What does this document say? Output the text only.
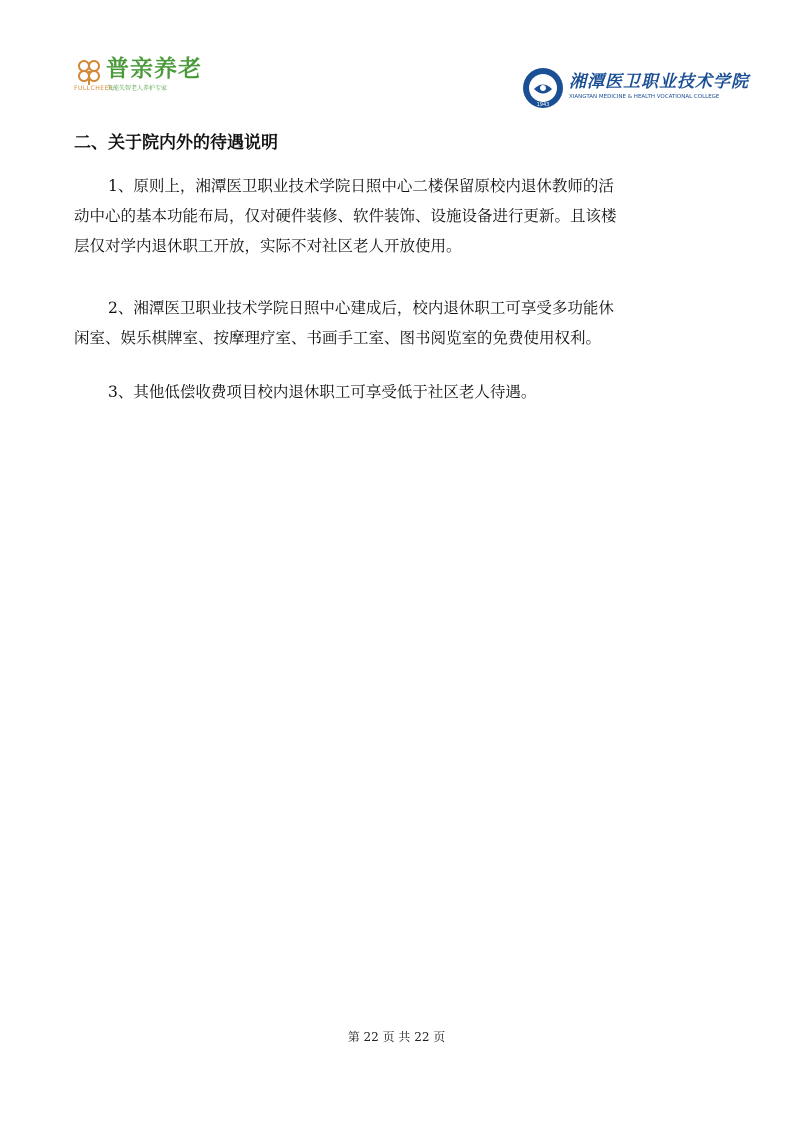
普亲养老
FULLCHEER
失能失智老人养护专家
1943
湘潭医卫职业技术学院
XIANGTAN MEDICINE & HEALTH VOCATIONAL COLLEGE
二、关于院内外的待遇说明

1、原则上，湘潭医卫职业技术学院日照中心二楼保留原校内退休教师的活
动中心的基本功能布局，仅对硬件装修、软件装饰、设施设备进行更新。且该楼
层仅对学内退休职工开放，实际不对社区老人开放使用。

2、湘潭医卫职业技术学院日照中心建成后，校内退休职工可享受多功能休
闲室、娱乐棋牌室、按摩理疗室、书画手工室、图书阅览室的免费使用权利。

3、其他低偿收费项目校内退休职工可享受低于社区老人待遇。

第 22 页 共 22 页
